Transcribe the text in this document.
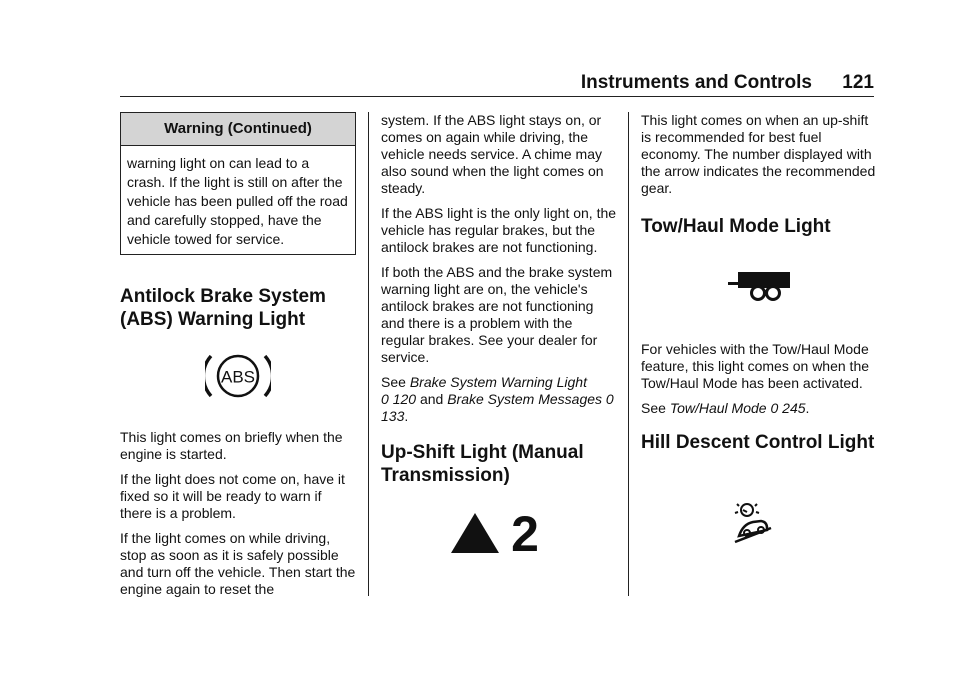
Instruments and Controls 121
Warning (Continued)
warning light on can lead to a crash. If the light is still on after the vehicle has been pulled off the road and carefully stopped, have the vehicle towed for service.
Antilock Brake System
(ABS) Warning Light
ABS

This light comes on briefly when the engine is started.

If the light does not come on, have it fixed so it will be ready to warn if there is a problem.

If the light comes on while driving, stop as soon as it is safely possible and turn off the vehicle. Then start the engine again to reset the

system. If the ABS light stays on, or comes on again while driving, the vehicle needs service. A chime may also sound when the light comes on steady.

If the ABS light is the only light on, the vehicle has regular brakes, but the antilock brakes are not functioning.

If both the ABS and the brake system warning light are on, the vehicle's antilock brakes are not functioning and there is a problem with the regular brakes. See your dealer for service.

See Brake System Warning Light
0 120 and Brake System Messages 0 133.

Up-Shift Light (Manual
Transmission)
2

This light comes on when an up-shift is recommended for best fuel economy. The number displayed with the arrow indicates the recommended gear.

Tow/Haul Mode Light

For vehicles with the Tow/Haul Mode feature, this light comes on when the Tow/Haul Mode has been activated.

See Tow/Haul Mode 0 245.

Hill Descent Control Light
